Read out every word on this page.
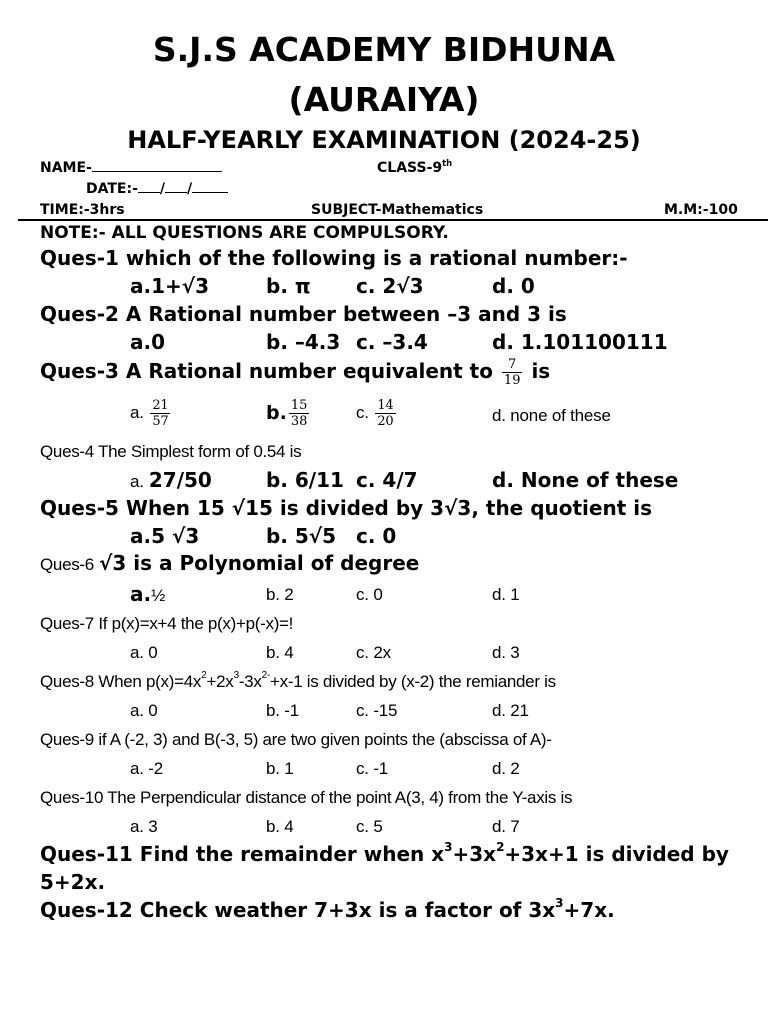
S.J.S ACADEMY BIDHUNA
(AURAIYA)
HALF-YEARLY EXAMINATION (2024-25)
NAME-	CLASS-9th
DATE:- / /
TIME:-3hrs	SUBJECT-Mathematics	M.M:-100
NOTE:- ALL QUESTIONS ARE COMPULSORY.
Ques-1 which of the following is a rational number:-
a.1+√3	b. π c. 2√3	d. 0
Ques-2 A Rational number between –3 and 3 is
a.0	b. –4.3 c. –3.4	d. 1.101100111
Ques-3 A Rational number equivalent to $\frac{7}{19}$ is
a. $\frac{21}{57}$	b. $\frac{15}{38}$	c. $\frac{14}{20}$	d. none of these
Ques-4 The Simplest form of 0.54 is
a. 27/50	b. 6/11 c. 4/7	d. None of these
Ques-5 When 15 √15 is divided by 3√3, the quotient is
a.5 √3	b. 5√5 c. 0
Ques-6 √3 is a Polynomial of degree
a.½	b. 2	c. 0	d. 1
Ques-7 If p(x)=x+4 the p(x)+p(-x)=!
a. 0	b. 4	c. 2x	d. 3
Ques-8 When $p(x)=4x^2+2x^3-3x^{2-}+x-1$ is divided by (x-2) the remiander is
a. 0	b. -1	c. -15	d. 21
Ques-9 if A (-2, 3) and B(-3, 5) are two given points the (abscissa of A)-
a. -2	b. 1	c. -1	d. 2
Ques-10 The Perpendicular distance of the point A(3, 4) from the Y-axis is
a. 3	b. 4	c. 5	d. 7
Ques-11 Find the remainder when $x^3+3x^2+3x+1$ is divided by
5+2x.
Ques-12 Check weather 7+3x is a factor of $3x^3+7x$.
